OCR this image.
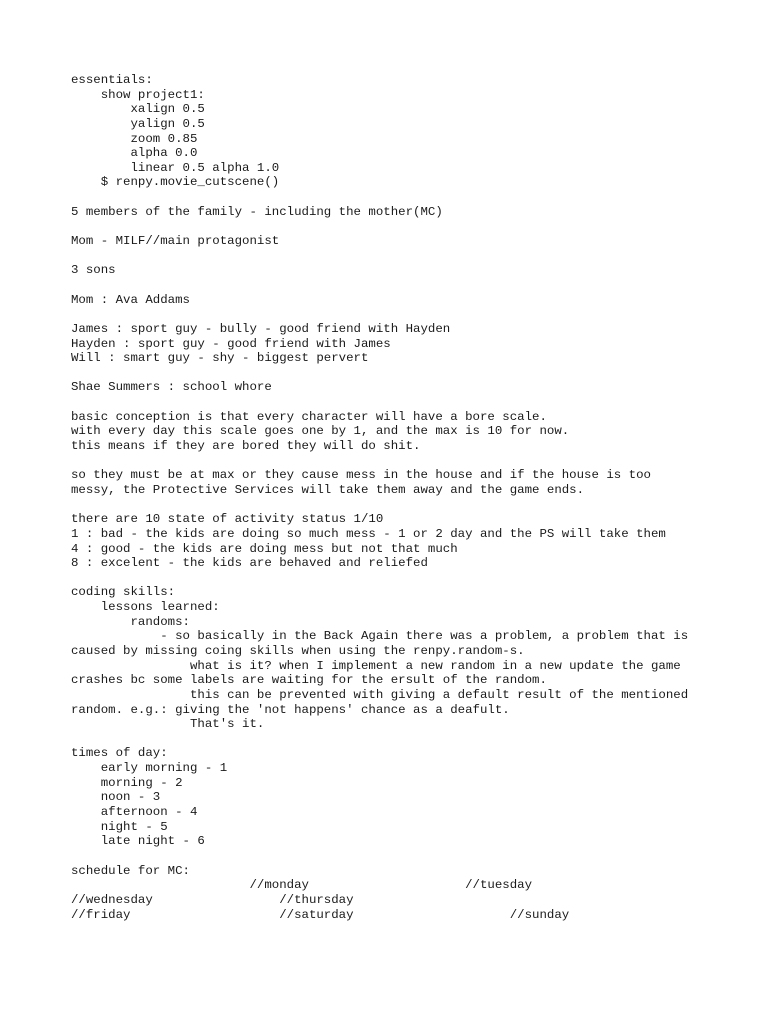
essentials:
show project1:
xalign 0.5
yalign 0.5
zoom 0.85
alpha 0.0
linear 0.5 alpha 1.0
$ renpy.movie_cutscene()
5 members of the family - including the mother(MC)
Mom - MILF//main protagonist
3 sons
Mom : Ava Addams
James : sport guy - bully - good friend with Hayden
Hayden : sport guy - good friend with James
Will : smart guy - shy - biggest pervert
Shae Summers : school whore
basic conception is that every character will have a bore scale.
with every day this scale goes one by 1, and the max is 10 for now.
this means if they are bored they will do shit.
so they must be at max or they cause mess in the house and if the house is too
messy, the Protective Services will take them away and the game ends.
there are 10 state of activity status 1/10
1 : bad - the kids are doing so much mess - 1 or 2 day and the PS will take them
4 : good - the kids are doing mess but not that much
8 : excelent - the kids are behaved and reliefed
coding skills:
lessons learned:
randoms:
- so basically in the Back Again there was a problem, a problem that is
caused by missing coing skills when using the renpy.random-s.
what is it? when I implement a new random in a new update the game
crashes bc some labels are waiting for the ersult of the random.
this can be prevented with giving a default result of the mentioned
random. e.g.: giving the 'not happens' chance as a deafult.
That's it.
times of day:
early morning - 1
morning - 2
noon - 3
afternoon - 4
night - 5
late night - 6
schedule for MC:
//monday                     //tuesday
//wednesday                 //thursday
//friday                    //saturday                     //sunday
